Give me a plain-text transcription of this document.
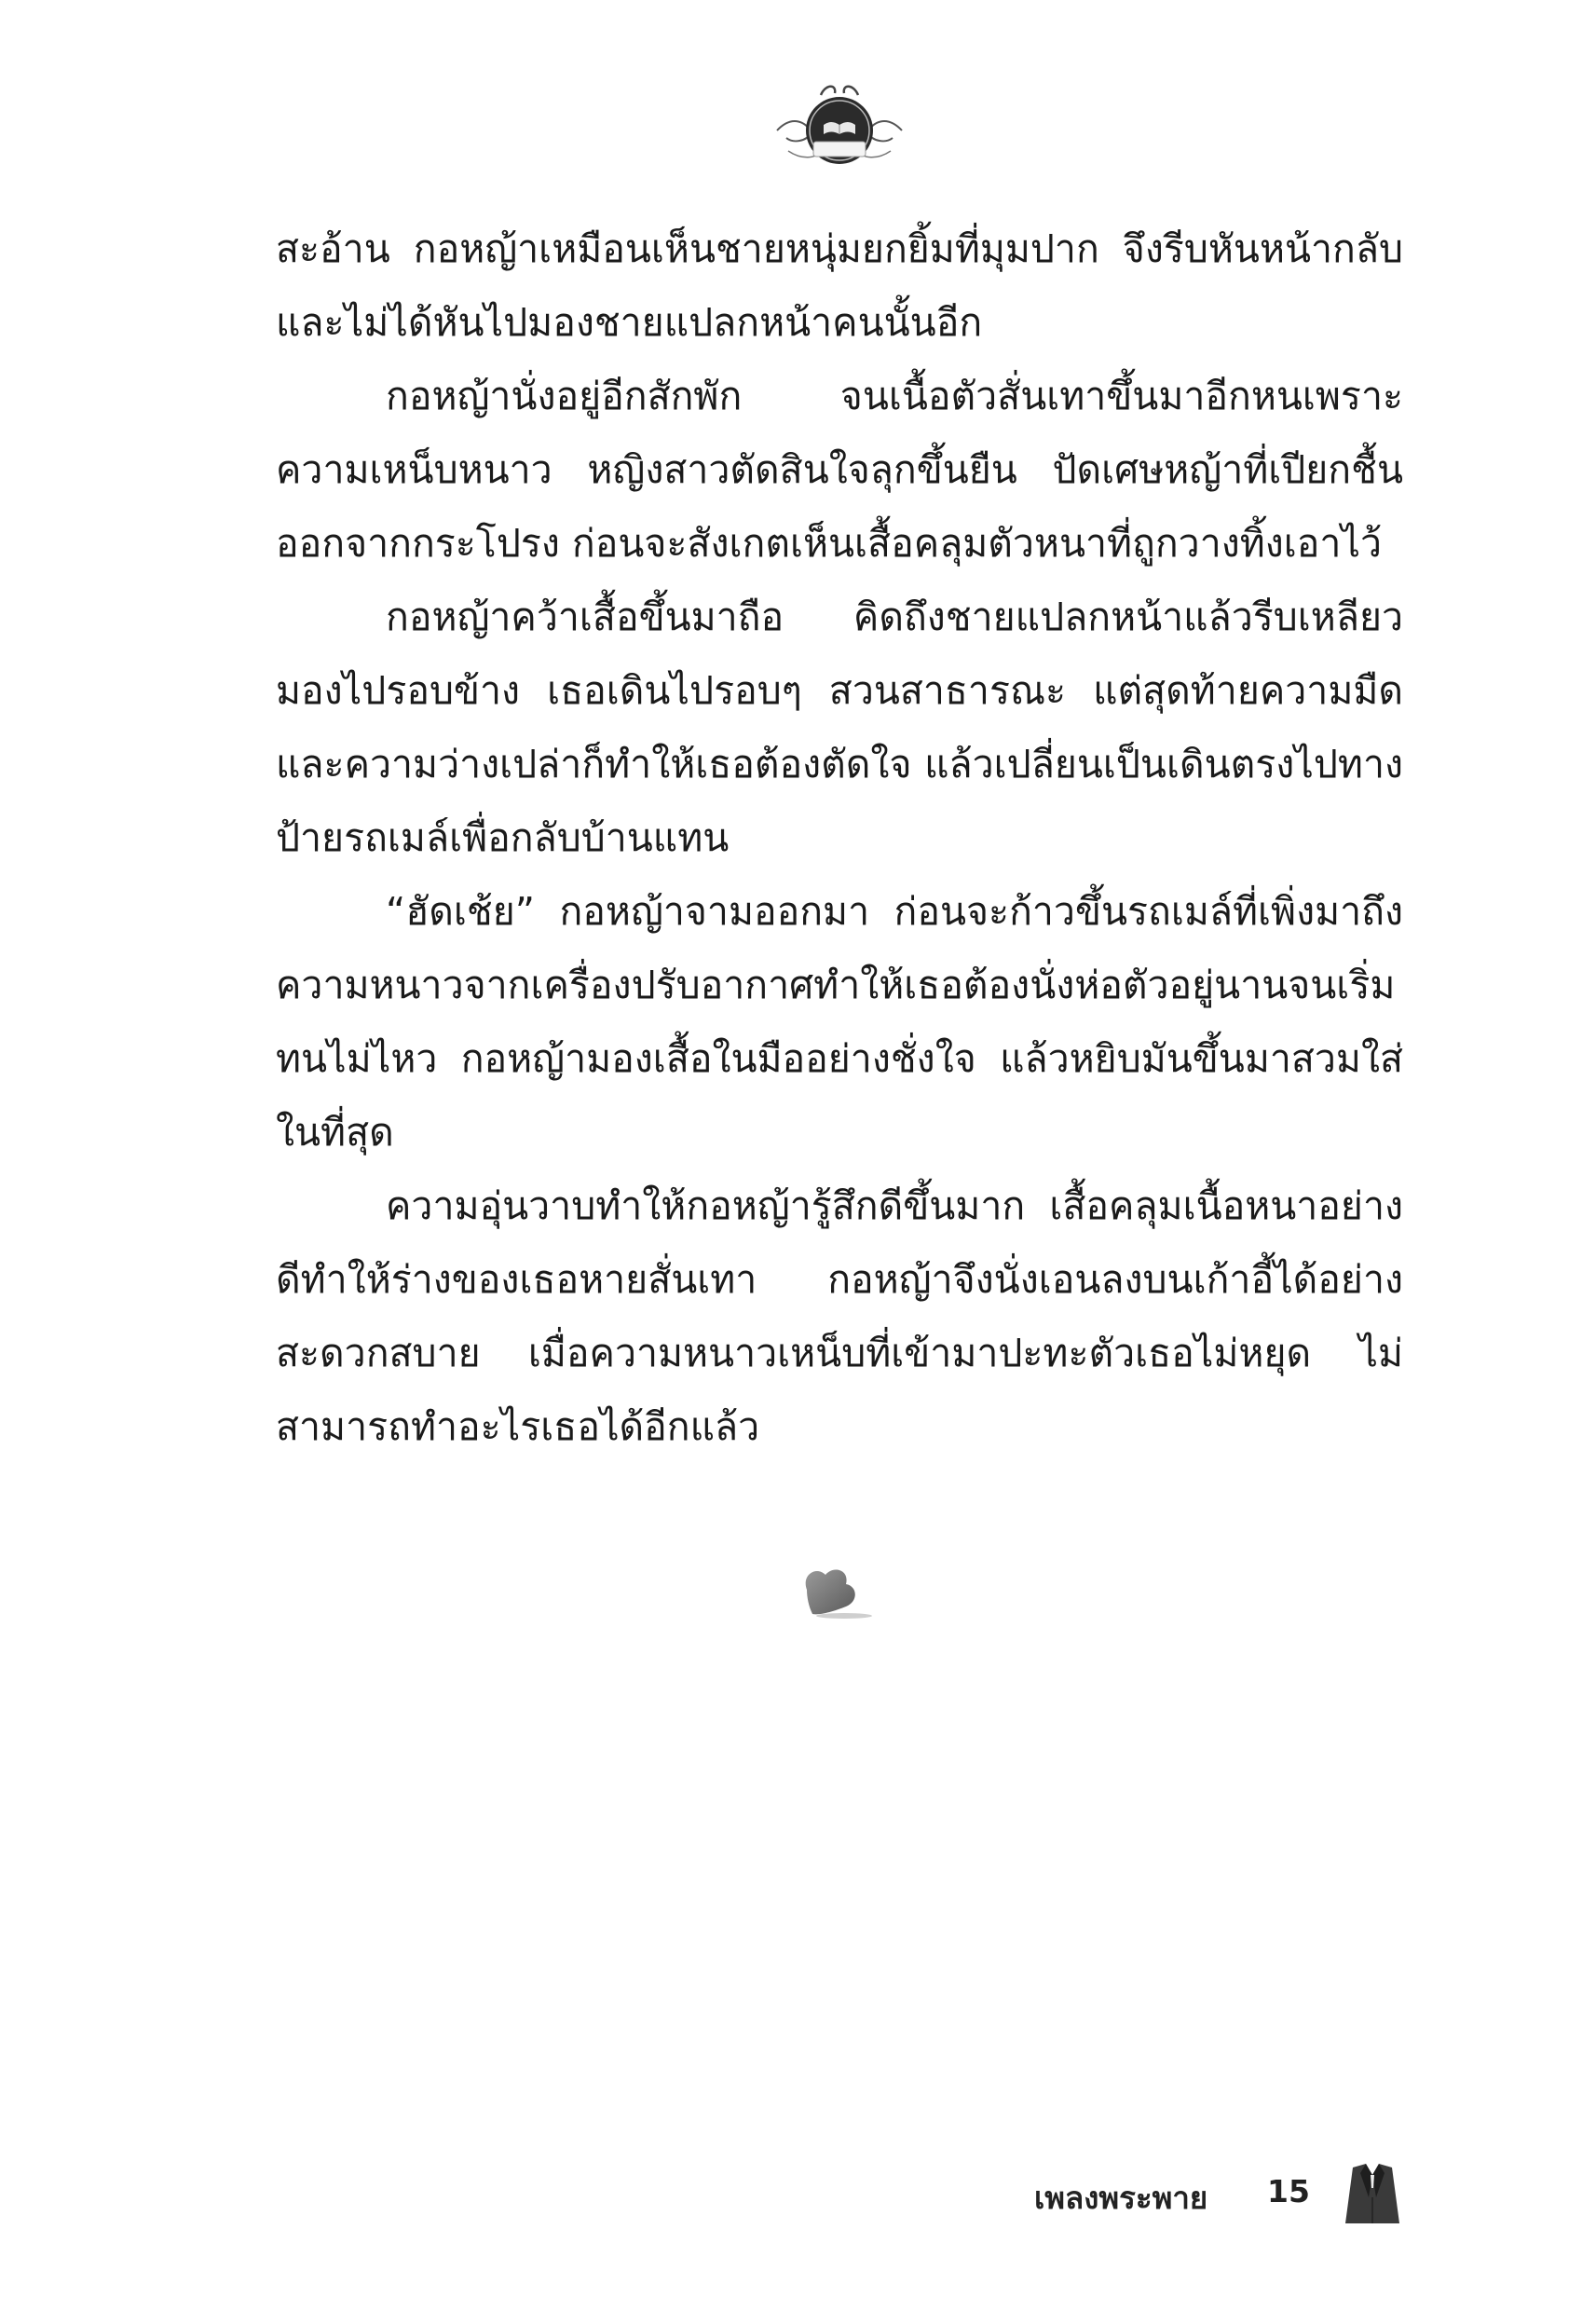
สะอ้าน กอหญ้าเหมือนเห็นชายหนุ่มยกยิ้มที่มุมปาก จึงรีบหันหน้ากลับและไม่ได้หันไปมองชายแปลกหน้าคนนั้นอีก

กอหญ้านั่งอยู่อีกสักพัก จนเนื้อตัวสั่นเทาขึ้นมาอีกหนเพราะความเหน็บหนาว หญิงสาวตัดสินใจลุกขึ้นยืน ปัดเศษหญ้าที่เปียกชื้นออกจากกระโปรง ก่อนจะสังเกตเห็นเสื้อคลุมตัวหนาที่ถูกวางทิ้งเอาไว้

กอหญ้าคว้าเสื้อขึ้นมาถือ คิดถึงชายแปลกหน้าแล้วรีบเหลียวมองไปรอบข้าง เธอเดินไปรอบๆ สวนสาธารณะ แต่สุดท้ายความมืดและความว่างเปล่าก็ทำให้เธอต้องตัดใจ แล้วเปลี่ยนเป็นเดินตรงไปทางป้ายรถเมล์เพื่อกลับบ้านแทน

“ฮัดเช้ย” กอหญ้าจามออกมา ก่อนจะก้าวขึ้นรถเมล์ที่เพิ่งมาถึง ความหนาวจากเครื่องปรับอากาศทำให้เธอต้องนั่งห่อตัวอยู่นานจนเริ่มทนไม่ไหว กอหญ้ามองเสื้อในมืออย่างชั่งใจ แล้วหยิบมันขึ้นมาสวมใส่ในที่สุด

ความอุ่นวาบทำให้กอหญ้ารู้สึกดีขึ้นมาก เสื้อคลุมเนื้อหนาอย่างดีทำให้ร่างของเธอหายสั่นเทา กอหญ้าจึงนั่งเอนลงบนเก้าอี้ได้อย่างสะดวกสบาย เมื่อความหนาวเหน็บที่เข้ามาปะทะตัวเธอไม่หยุด ไม่สามารถทำอะไรเธอได้อีกแล้ว

เพลงพระพาย 15
